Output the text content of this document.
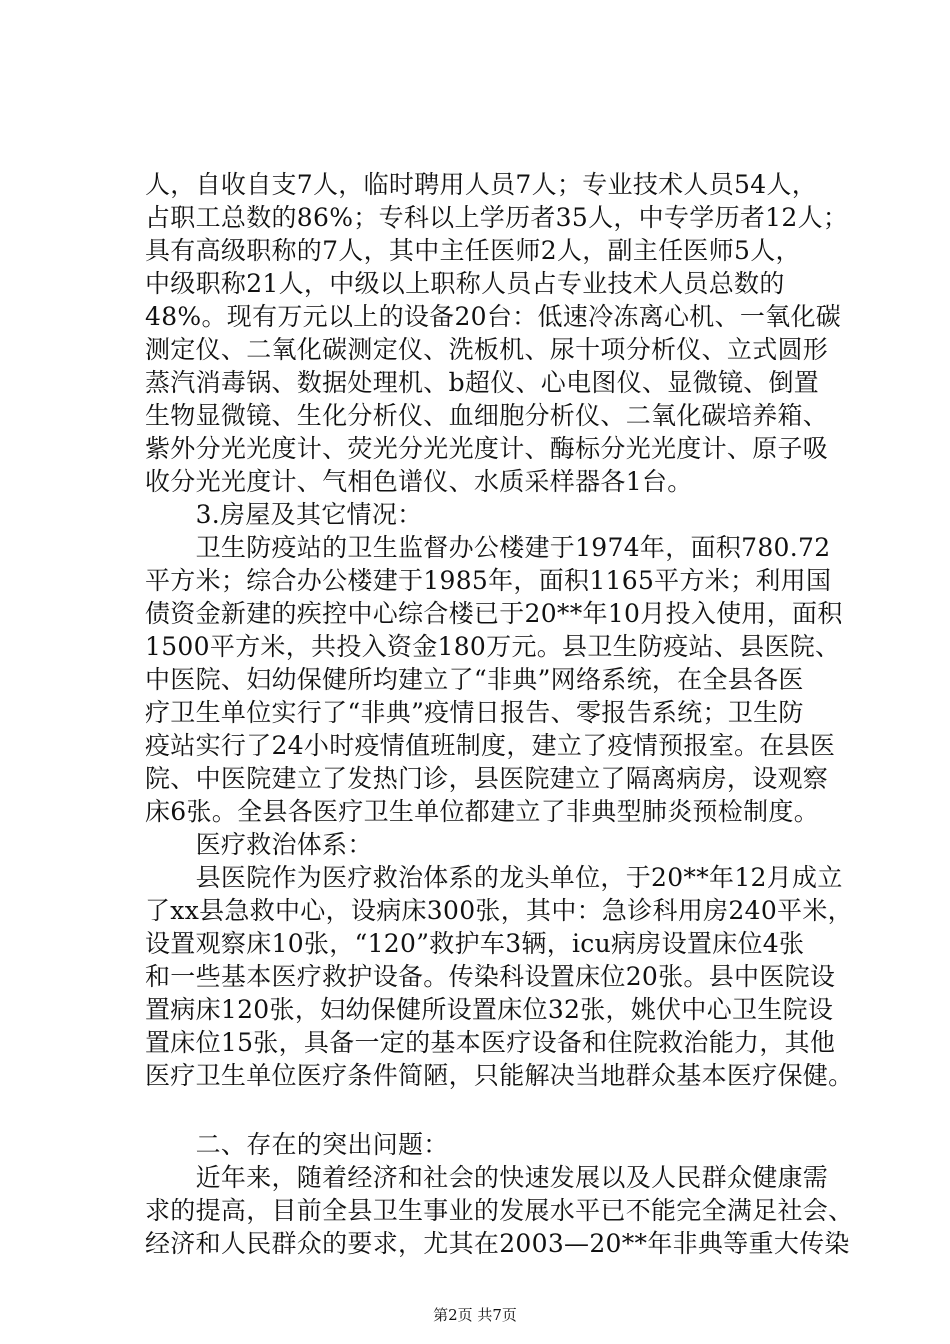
人，自收自支7人，临时聘用人员7人；专业技术人员54人，
占职工总数的86%；专科以上学历者35人，中专学历者12人；
具有高级职称的7人，其中主任医师2人，副主任医师5人，
中级职称21人，中级以上职称人员占专业技术人员总数的
48%。现有万元以上的设备20台：低速冷冻离心机、一氧化碳
测定仪、二氧化碳测定仪、洗板机、尿十项分析仪、立式圆形
蒸汽消毒锅、数据处理机、b超仪、心电图仪、显微镜、倒置
生物显微镜、生化分析仪、血细胞分析仪、二氧化碳培养箱、
紫外分光光度计、荧光分光光度计、酶标分光光度计、原子吸
收分光光度计、气相色谱仪、水质采样器各1台。
　　3.房屋及其它情况：
　　卫生防疫站的卫生监督办公楼建于1974年，面积780.72
平方米；综合办公楼建于1985年，面积1165平方米；利用国
债资金新建的疾控中心综合楼已于20**年10月投入使用，面积
1500平方米，共投入资金180万元。县卫生防疫站、县医院、
中医院、妇幼保健所均建立了“非典”网络系统，在全县各医
疗卫生单位实行了“非典”疫情日报告、零报告系统；卫生防
疫站实行了24小时疫情值班制度，建立了疫情预报室。在县医
院、中医院建立了发热门诊，县医院建立了隔离病房，设观察
床6张。全县各医疗卫生单位都建立了非典型肺炎预检制度。
　　医疗救治体系：
　　县医院作为医疗救治体系的龙头单位，于20**年12月成立
了xx县急救中心，设病床300张，其中：急诊科用房240平米，
设置观察床10张，“120”救护车3辆，icu病房设置床位4张
和一些基本医疗救护设备。传染科设置床位20张。县中医院设
置病床120张，妇幼保健所设置床位32张，姚伏中心卫生院设
置床位15张，具备一定的基本医疗设备和住院救治能力，其他
医疗卫生单位医疗条件简陋，只能解决当地群众基本医疗保健。
　　二、存在的突出问题：
　　近年来，随着经济和社会的快速发展以及人民群众健康需
求的提高，目前全县卫生事业的发展水平已不能完全满足社会、
经济和人民群众的要求，尤其在2003—20**年非典等重大传染
第2页 共7页
